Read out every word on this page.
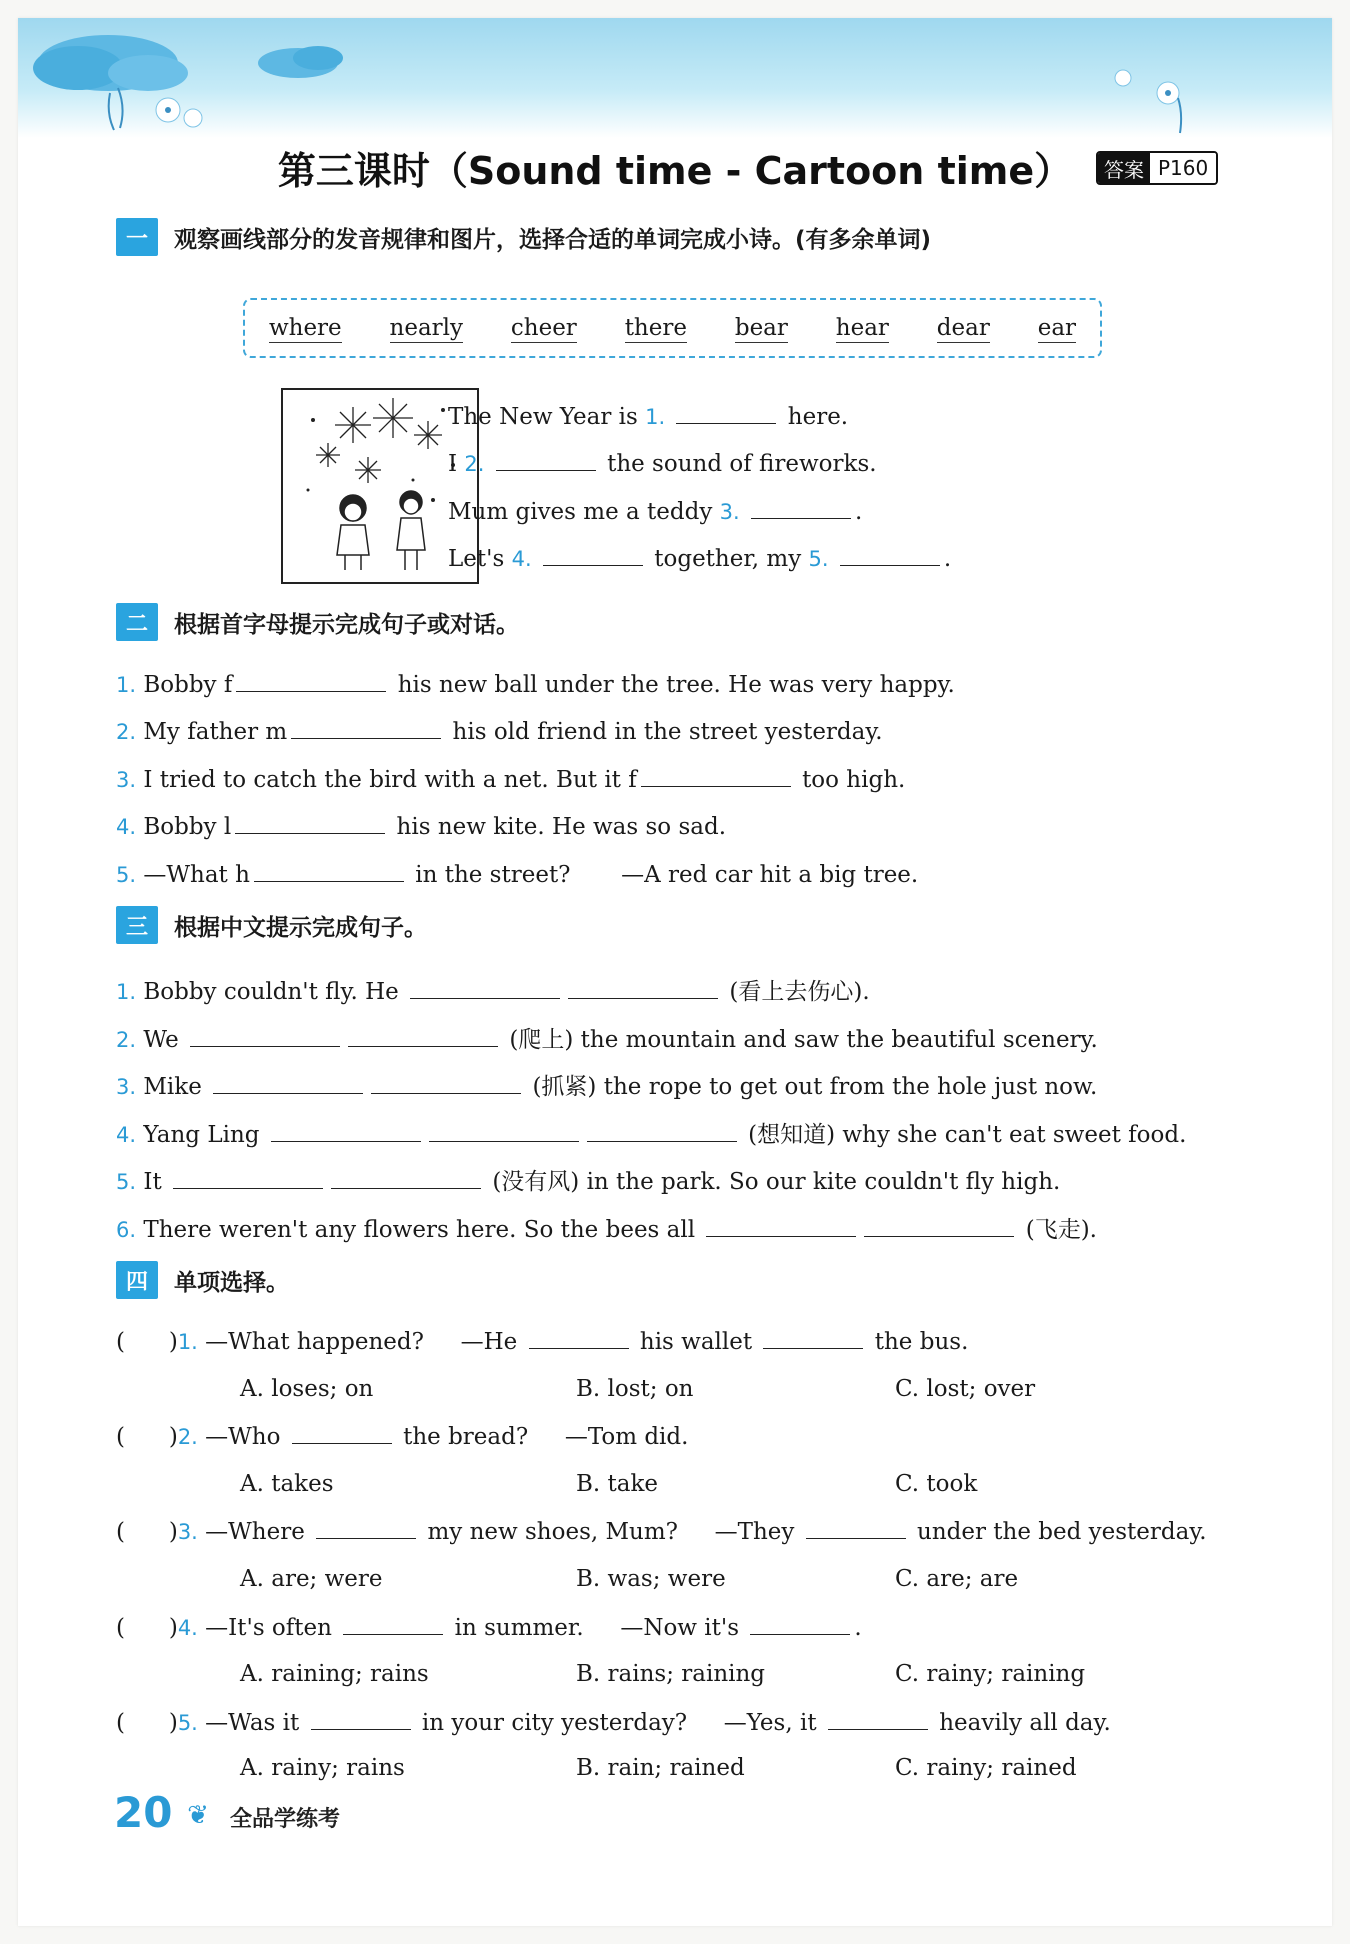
第三课时（Sound time - Cartoon time）	答案 P160
一	观察画线部分的发音规律和图片，选择合适的单词完成小诗。(有多余单词)
where nearly cheer there bear hear dear ear
The New Year is 1.	here.
I 2.	the sound of fireworks.
Mum gives me a teddy 3.	.
Let's 4.	together, my 5.	.
二	根据首字母提示完成句子或对话。
1. Bobby f	his new ball under the tree. He was very happy.
2. My father m	his old friend in the street yesterday.
3. I tried to catch the bird with a net. But it f	too high.
4. Bobby l	his new kite. He was so sad.
5. —What h	in the street? —A red car hit a big tree.
三	根据中文提示完成句子。
1. Bobby couldn't fly. He	(看上去伤心).
2. We	(爬上) the mountain and saw the beautiful scenery.
3. Mike	(抓紧) the rope to get out from the hole just now.
4. Yang Ling	(想知道) why she can't eat sweet food.
5. It	(没有风) in the park. So our kite couldn't fly high.
6. There weren't any flowers here. So the bees all	(飞走).
四	单项选择。
(      )1. —What happened? —He	his wallet	the bus.
A. loses; on	B. lost; on	C. lost; over
(      )2. —Who	the bread? —Tom did.
A. takes	B. take	C. took
(      )3. —Where	my new shoes, Mum? —They	under the bed yesterday.
A. are; were	B. was; were	C. are; are
(      )4. —It's often	in summer. —Now it's	.
A. raining; rains	B. rains; raining	C. rainy; raining
(      )5. —Was it	in your city yesterday? —Yes, it	heavily all day.
A. rainy; rains	B. rain; rained	C. rainy; rained
20 ❦ 全品学练考
